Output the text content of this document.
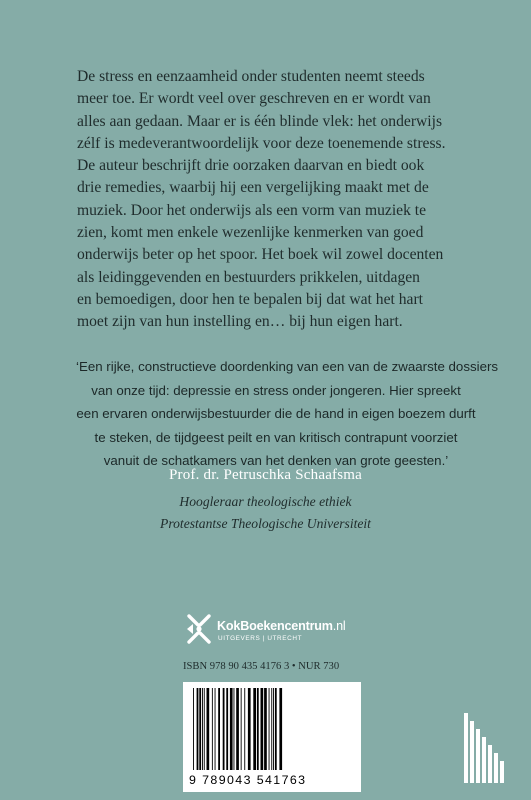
De stress en eenzaamheid onder studenten neemt steeds
meer toe. Er wordt veel over geschreven en er wordt van
alles aan gedaan. Maar er is één blinde vlek: het onderwijs
zélf is medeverantwoordelijk voor deze toenemende stress.
De auteur beschrijft drie oorzaken daarvan en biedt ook
drie remedies, waarbij hij een vergelijking maakt met de
muziek. Door het onderwijs als een vorm van muziek te
zien, komt men enkele wezenlijke kenmerken van goed
onderwijs beter op het spoor. Het boek wil zowel docenten
als leidinggevenden en bestuurders prikkelen, uitdagen
en bemoedigen, door hen te bepalen bij dat wat het hart
moet zijn van hun instelling en… bij hun eigen hart.

‘Een rijke, constructieve doordenking van een van de zwaarste dossiers
van onze tijd: depressie en stress onder jongeren. Hier spreekt
een ervaren onderwijsbestuurder die de hand in eigen boezem durft
te steken, de tijdgeest peilt en van kritisch contrapunt voorziet
vanuit de schatkamers van het denken van grote geesten.’

Prof. dr. Petruschka Schaafsma
Hoogleraar theologische ethiek
Protestantse Theologische Universiteit
KokBoekencentrum.nl
UITGEVERS | UTRECHT
ISBN 978 90 435 4176 3 • NUR 730
9 789043 541763
